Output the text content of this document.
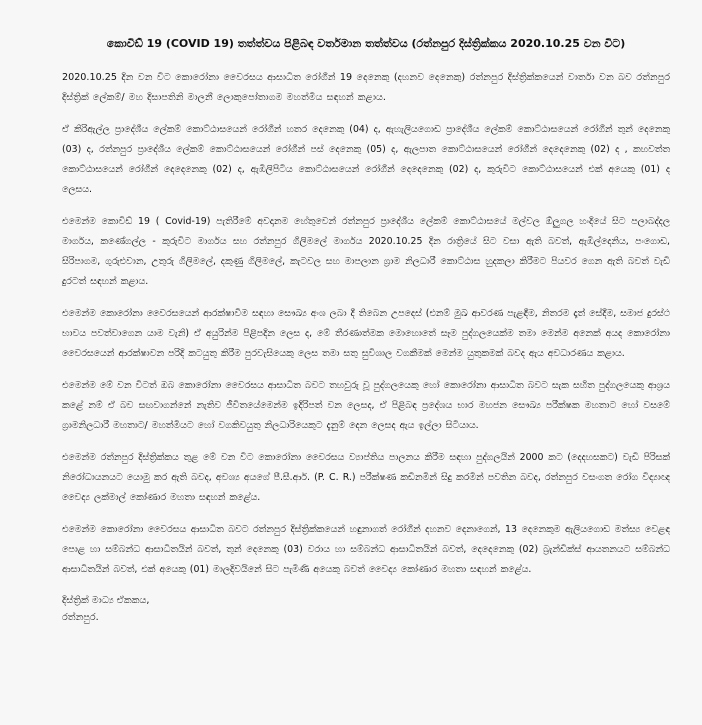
කොවිඩ් 19 (COVID 19) තත්ත්වය පිළිබඳ වර්තමාන තත්ත්වය (රත්නපුර දිස්ත්‍රික්කය 2020.10.25 වන විට)

2020.10.25 දින වන විට කොරෝනා වෛරසය ආසාධිත රෝගීන් 19 දෙනෙකු (දහනව දෙනෙකු) රත්නපුර දිස්ත්‍රික්කයෙන් වාර්තා වන බව රත්නපුර දිස්ත්‍රික් ලේකම්/ මහ දිසාපතිනි මාලනී ලොකුපෝතාගම මහත්මිය සඳහන් කළාය.

ඒ කිරිඇල්ල ප්‍රාදේශීය ලේකම් කොට්ඨාසයෙන් රෝගීන් හතර දෙනෙකු (04) ද, ඇහැලියගොඩ ප්‍රාදේශීය ලේකම් කොට්ඨාසයෙන් රෝගීන් තුන් දෙනෙකු (03) ද, රත්නපුර ප්‍රාදේශීය ලේකම් කොට්ඨාසයෙන් රෝගීන් පස් දෙනෙකු (05) ද, ඇලපාත කොට්ඨාසයෙන් රෝගීන් දෙදෙනෙකු (02) ද , කහවත්ත කොට්ඨාසයෙන් රෝගීන් දෙදෙනෙකු (02) ද, ඇඹිලිපිටිය කොට්ඨාසයෙන් රෝගීන් දෙදෙනෙකු (02) ද, කුරුවිට කොට්ඨාසයෙන් එක් අයෙකු (01) ද ලෙසය.

එමෙන්ම කොවිඩ් 19 ( Covid-19) පැතිරීමේ අවදානම හේතුවෙන් රත්නපුර ප්‍රාදේශීය ලේකම් කොට්ඨාසයේ මල්වල ඕලුගල හංදියේ සිට පලාබද්දල මාර්ගය, කණේගල්ල - කුරුවිට මාර්ගය සහ රත්නපුර ගිලිමලේ මාර්ගය 2020.10.25 දින රාත්‍රියේ සිට වසා ඇති බවත්, ඇඹිල්දෙනිය, පංගොඩ, සිරිපාගම, ගුරුළුවාන, උතුරු ගිලිමලේ, දකුණු ගිලිමලේ, කැටවල සහ මාපලාන ග්‍රාම නිලධාරී කොට්ඨාස හුදකලා කිරීමට පියවර ගෙන ඇති බවත් වැඩි දුරටත් සඳහන් කළාය.

එමෙන්ම කොරෝනා වෛරසයෙන් ආරක්ෂාවීම සඳහා සෞඛ්‍ය අංශ ලබා දී තිබෙන උපදෙස් (එනම් මුඛ ආවරණ පැළඳීම, නිතරම දෑත් සේදීම, සමාජ දුරස්ථ භාවය පවත්වාගෙන යාම වැනි) ඒ අයුරින්ම පිළිපදින ලෙස ද, මේ තීරණාත්මක මොහොතේ සෑම පුද්ගලයෙක්ම තමා මෙන්ම අනෙක් අයද කොරෝනා වෛරසයෙන් ආරක්ෂාවන පරිදි කටයුතු කිරීම පුරවැසියෙකු ලෙස තමා සතු සුවිශාල වගකීමක් මෙන්ම යුතුකමක් බවද ඇය අවධාරණය කළාය.

එමෙන්ම මේ වන විටත් ඔබ කොරෝනා වෛරසය ආසාධිත බවට තහවුරු වූ පුද්ගලයෙකු හෝ කොරෝනා ආසාධිත බවට සැක සහිත පුද්ගලයෙකු ආශ්‍රය කළේ නම් ඒ බව සඟවාගන්නේ නැතිව ජීවිතයේමෙන්ම ඉදිරිපත් වන ලෙසද, ඒ පිළිබඳ ප්‍රදේශය භාර මහජන සෞඛ්‍ය පරීක්ෂක මහතාට හෝ වසමේ ග්‍රාමනිලධාරී මහතාට/ මහත්මියට හෝ වගකිවයුතු නිලධාරියෙකුට දැනුම් දෙන ලෙසද ඇය ඉල්ලා සිටියාය.

එමෙන්ම රත්නපුර දිස්ත්‍රික්කය තුළ මේ වන විට කොරෝනා වෛරසය ව්‍යාප්තිය පාලනය කිරීම සඳහා පුද්ගලයින් 2000 කට (දෙදහසකට) වැඩි පිරිසක් නිරෝධායනයට යොමු කර ඇති බවද, අවශ්‍ය අයගේ පී.සී.ආර්. (P. C. R.) පරීක්ෂණ කඩිනමින් සිදු කරමින් පවතින බවද, රත්නපුර වසංගත රෝග විද්‍යාඥ වෛද්‍ය ලක්මාල් කෝණාර මහතා සඳහන් කළේය.

එමෙන්ම කොරෝනා වෛරසය ආසාධිත බවට රත්නපුර දිස්ත්‍රික්කයෙන් හඳුනාගත් රෝගීන් දහනව දෙනාගෙන්, 13 දෙනෙකුම ඇලියගොඩ මත්ස්‍ය වෙළඳ පොළ හා සම්බන්ධ ආසාධිතයින් බවත්, තුන් දෙනෙකු (03) වරාය හා සම්බන්ධ ආසාධිතයින් බවත්, දෙදෙනෙකු (02) බ්‍රැන්ඩික්ස් ආයතනයට සම්බන්ධ ආසාධිතයින් බවත්, එක් අයෙකු (01) මාලදිවයිනේ සිට පැමිණි අයෙකු බවත් වෛද්‍ය කෝණාර මහතා සඳහන් කළේය.

දිස්ත්‍රික් මාධ්‍ය ඒකකය,
රත්නපුර.
